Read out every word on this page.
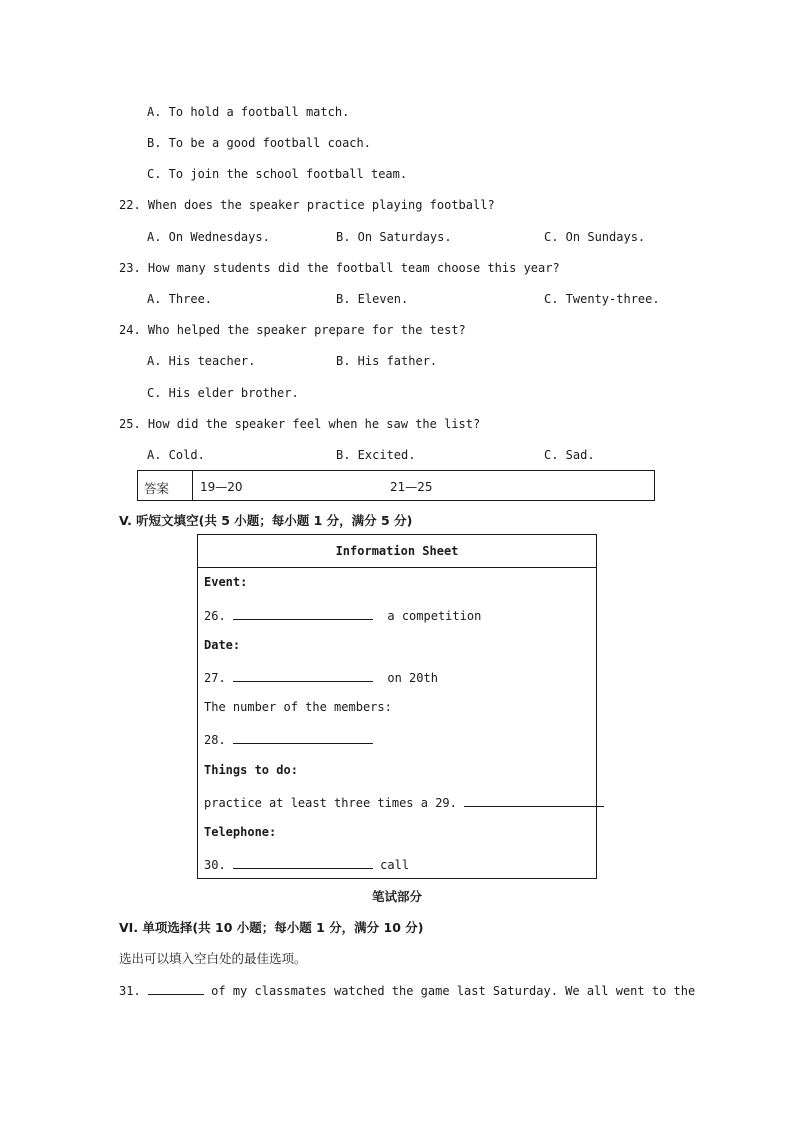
A. To hold a football match.
B. To be a good football coach.
C. To join the school football team.
22. When does the speaker practice playing football?
A. On Wednesdays.	B. On Saturdays.	C. On Sundays.
23. How many students did the football team choose this year?
A. Three.	B. Eleven.	C. Twenty-three.
24. Who helped the speaker prepare for the test?
A. His teacher.	B. His father.
C. His elder brother.
25. How did the speaker feel when he saw the list?
A. Cold.	B. Excited.	C. Sad.
答案	19—20	21—25
V. 听短文填空(共 5 小题；每小题 1 分，满分 5 分)
Information Sheet
Event:
26.	a competition
Date:
27.	on 20th
The number of the members:
28.
Things to do:
practice at least three times a 29.
Telephone:
30.	call
笔试部分
VI. 单项选择(共 10 小题；每小题 1 分，满分 10 分)
选出可以填入空白处的最佳选项。
31.	of my classmates watched the game last Saturday. We all went to the
